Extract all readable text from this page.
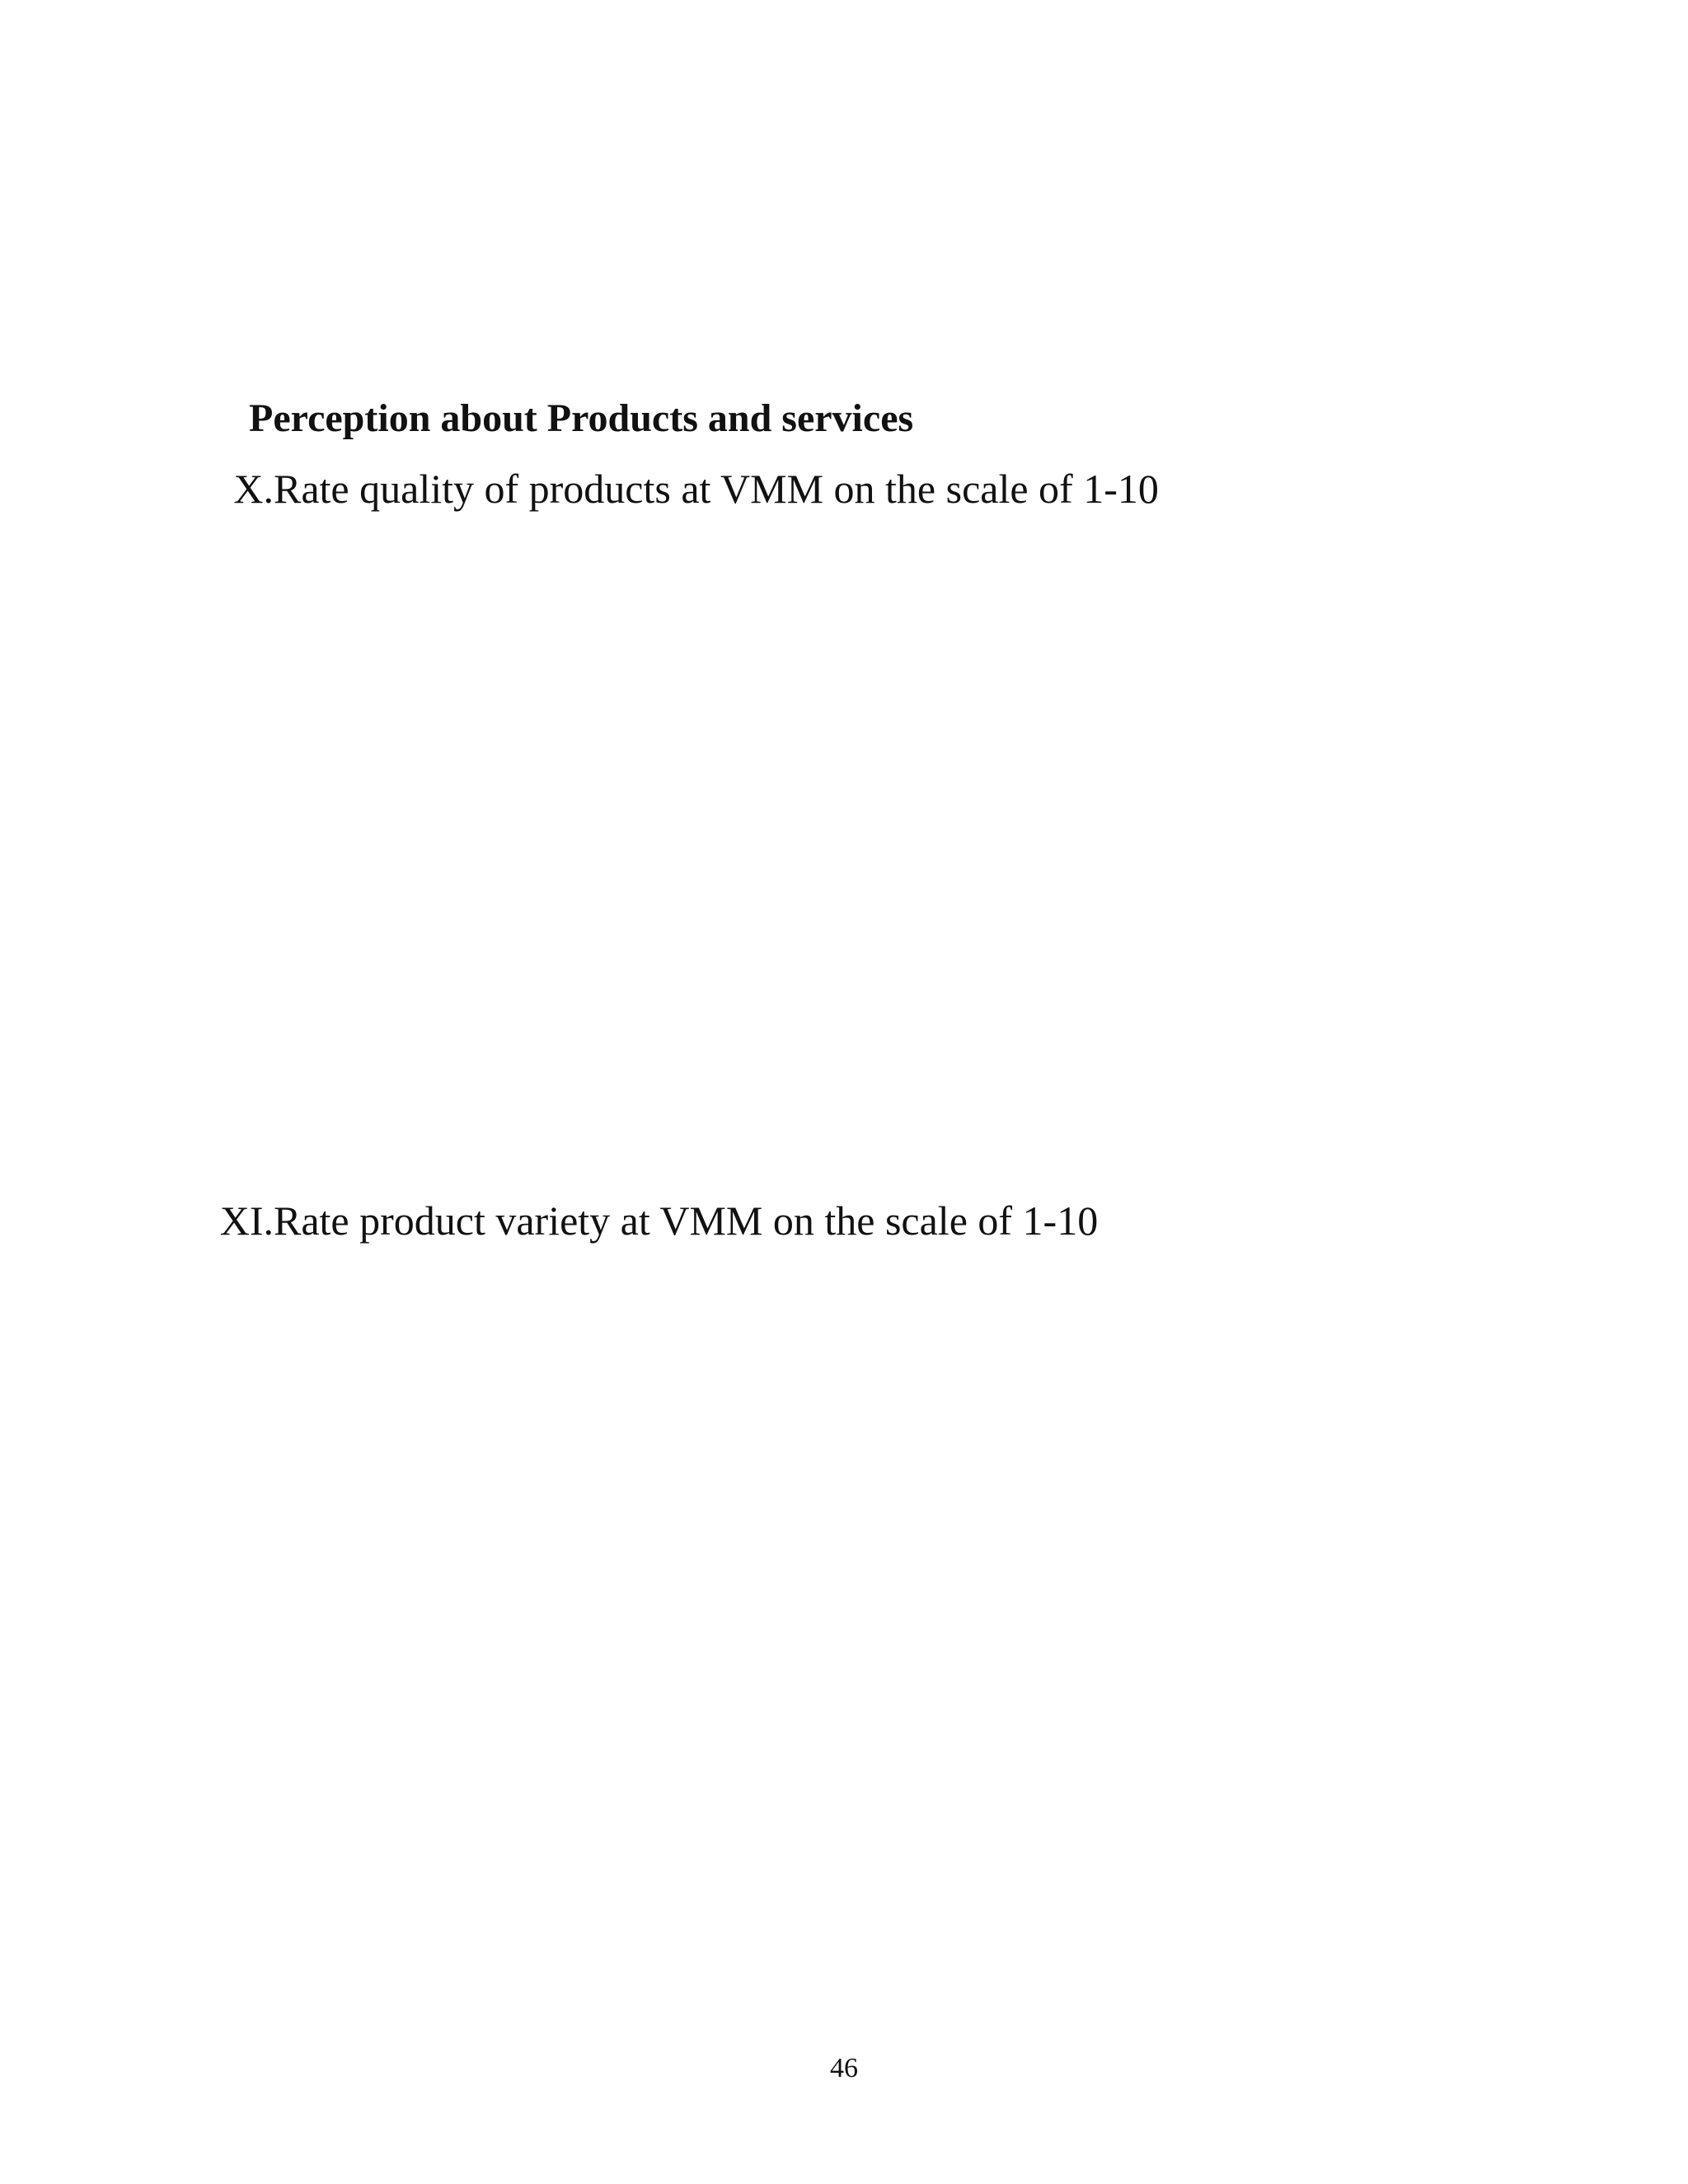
Perception about Products and services
X. Rate quality of products at VMM on the scale of 1-10
XI. Rate product variety at VMM on the scale of 1-10
46
